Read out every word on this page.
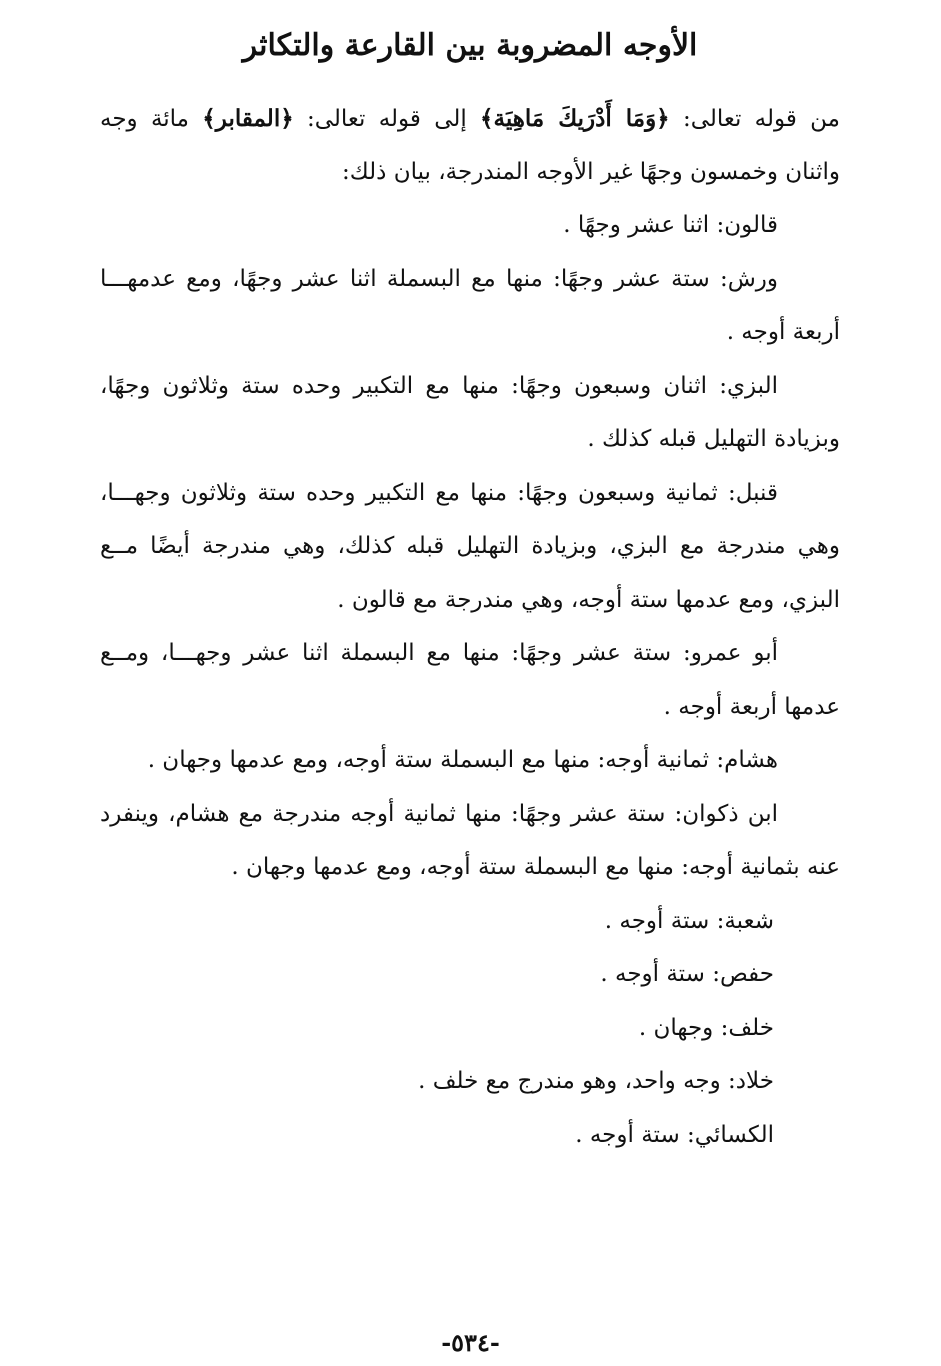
الأوجه المضروبة بين القارعة والتكاثر
من قوله تعالى: ﴿وَمَا أَدْرَيكَ مَاهِيَة﴾ إلى قوله تعالى: ﴿المقابر﴾ مائة وجه
واثنان وخمسون وجهًا غير الأوجه المندرجة، بيان ذلك:
قالون: اثنا عشر وجهًا .
ورش: ستة عشر وجهًا: منها مع البسملة اثنا عشر وجهًا، ومع عدمهـــا
أربعة أوجه .
البزي: اثنان وسبعون وجهًا: منها مع التكبير وحده ستة وثلاثون وجهًا،
وبزيادة التهليل قبله كذلك .
قنبل: ثمانية وسبعون وجهًا: منها مع التكبير وحده ستة وثلاثون وجهـــا،
وهي مندرجة مع البزي، وبزيادة التهليل قبله كذلك، وهي مندرجة أيضًا مــع
البزي، ومع عدمها ستة أوجه، وهي مندرجة مع قالون .
أبو عمرو: ستة عشر وجهًا: منها مع البسملة اثنا عشر وجهـــا، ومــع
عدمها أربعة أوجه .
هشام: ثمانية أوجه: منها مع البسملة ستة أوجه، ومع عدمها وجهان .
ابن ذكوان: ستة عشر وجهًا: منها ثمانية أوجه مندرجة مع هشام، وينفرد
عنه بثمانية أوجه: منها مع البسملة ستة أوجه، ومع عدمها وجهان .
شعبة: ستة أوجه .
حفص: ستة أوجه .
خلف: وجهان .
خلاد: وجه واحد، وهو مندرج مع خلف .
الكسائي: ستة أوجه .
-٥٣٤-
